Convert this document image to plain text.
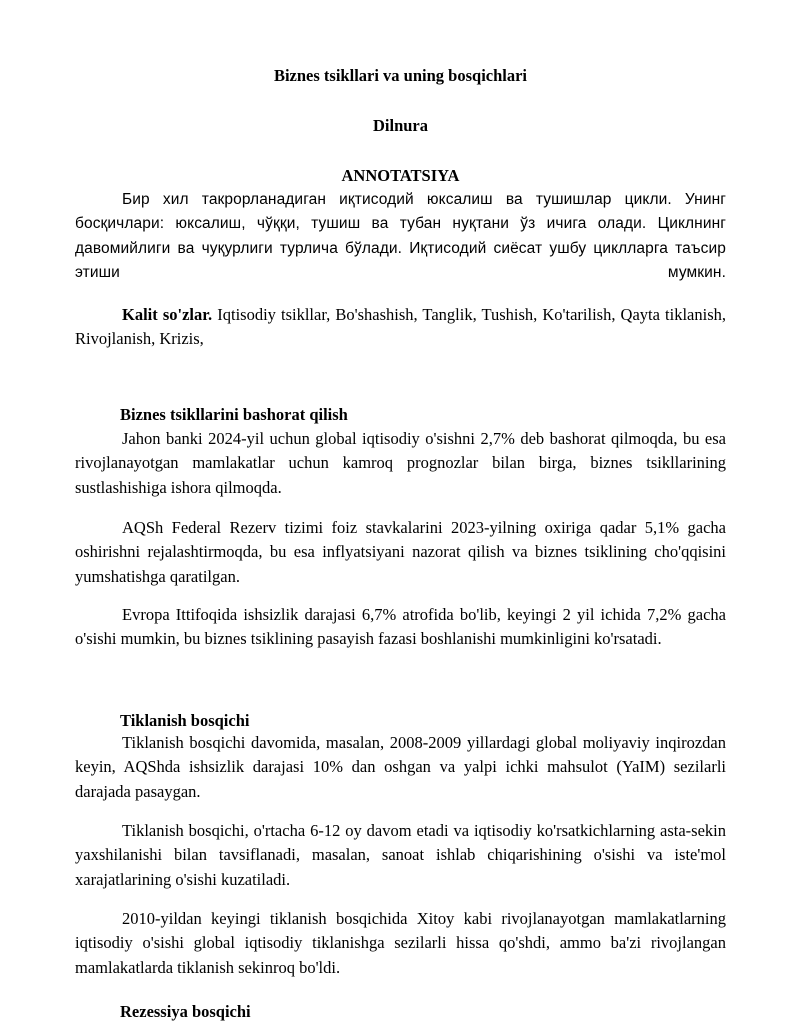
Biznes tsikllari va uning bosqichlari
Dilnura
ANNOTATSIYA

Бир хил такрорланадиган иқтисодий юксалиш ва тушишлар цикли. Унинг босқичлари: юксалиш, чўққи, тушиш ва тубан нуқтани ўз ичига олади. Циклнинг давомийлиги ва чуқурлиги турлича бўлади. Иқтисодий сиёсат ушбу циклларга таъсир этиши мумкин.

Kalit so'zlar. Iqtisodiy tsikllar, Bo'shashish, Tanglik, Tushish, Ko'tarilish, Qayta tiklanish, Rivojlanish, Krizis,

Biznes tsikllarini bashorat qilish

Jahon banki 2024-yil uchun global iqtisodiy o'sishni 2,7% deb bashorat qilmoqda, bu esa rivojlanayotgan mamlakatlar uchun kamroq prognozlar bilan birga, biznes tsikllarining sustlashishiga ishora qilmoqda.

AQSh Federal Rezerv tizimi foiz stavkalarini 2023-yilning oxiriga qadar 5,1% gacha oshirishni rejalashtirmoqda, bu esa inflyatsiyani nazorat qilish va biznes tsiklining cho'qqisini yumshatishga qaratilgan.

Evropa Ittifoqida ishsizlik darajasi 6,7% atrofida bo'lib, keyingi 2 yil ichida 7,2% gacha o'sishi mumkin, bu biznes tsiklining pasayish fazasi boshlanishi mumkinligini ko'rsatadi.

Tiklanish bosqichi

Tiklanish bosqichi davomida, masalan, 2008-2009 yillardagi global moliyaviy inqirozdan keyin, AQShda ishsizlik darajasi 10% dan oshgan va yalpi ichki mahsulot (YaIM) sezilarli darajada pasaygan.

Tiklanish bosqichi, o'rtacha 6-12 oy davom etadi va iqtisodiy ko'rsatkichlarning asta-sekin yaxshilanishi bilan tavsiflanadi, masalan, sanoat ishlab chiqarishining o'sishi va iste'mol xarajatlarining o'sishi kuzatiladi.

2010-yildan keyingi tiklanish bosqichida Xitoy kabi rivojlanayotgan mamlakatlarning iqtisodiy o'sishi global iqtisodiy tiklanishga sezilarli hissa qo'shdi, ammo ba'zi rivojlangan mamlakatlarda tiklanish sekinroq bo'ldi.

Rezessiya bosqichi
